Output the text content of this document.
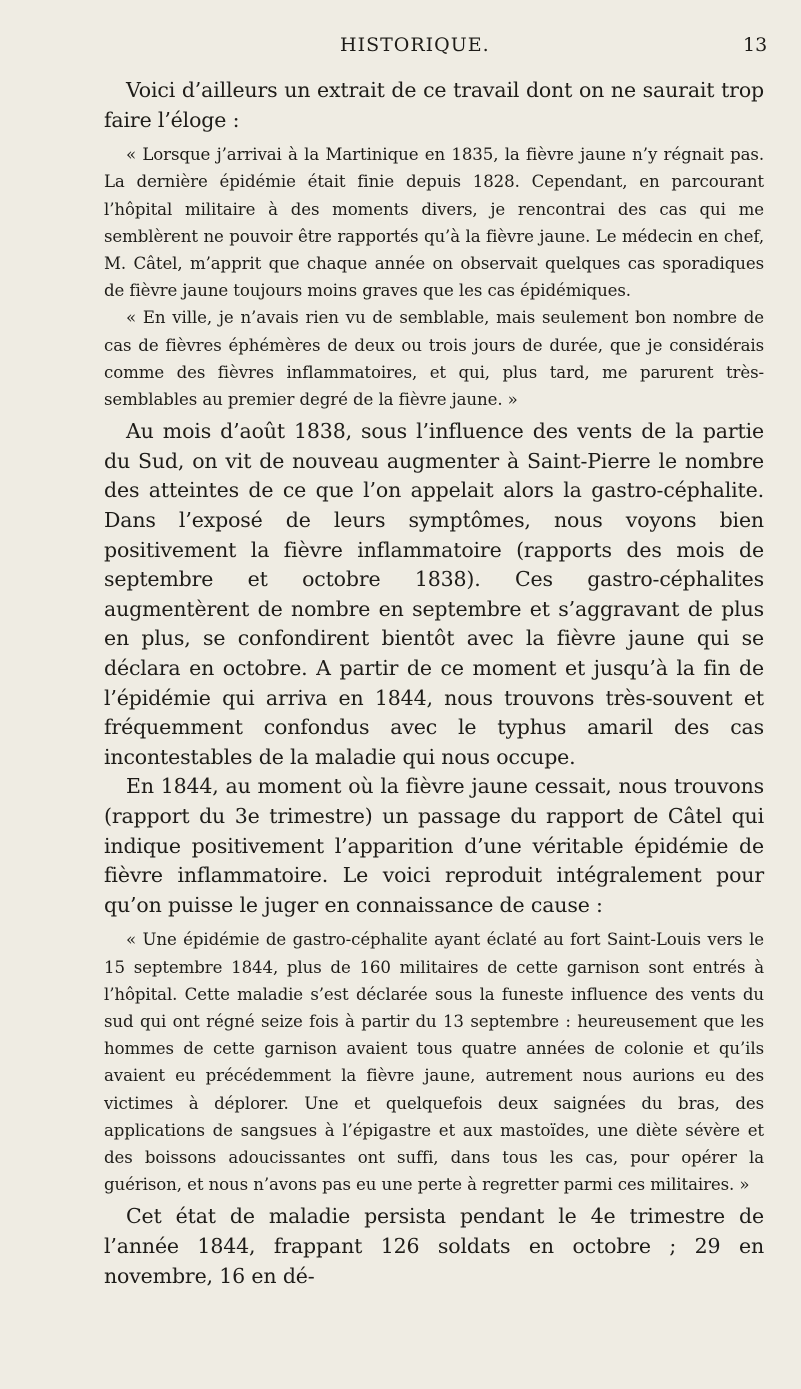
HISTORIQUE.	13

Voici d’ailleurs un extrait de ce travail dont on ne saurait trop faire l’éloge :

« Lorsque j’arrivai à la Martinique en 1835, la fièvre jaune n’y régnait pas. La dernière épidémie était finie depuis 1828. Cependant, en parcourant l’hôpital militaire à des moments divers, je rencontrai des cas qui me semblèrent ne pouvoir être rapportés qu’à la fièvre jaune. Le médecin en chef, M. Câtel, m’apprit que chaque année on observait quelques cas sporadiques de fièvre jaune toujours moins graves que les cas épidémiques.

« En ville, je n’avais rien vu de semblable, mais seulement bon nombre de cas de fièvres éphémères de deux ou trois jours de durée, que je considérais comme des fièvres inflammatoires, et qui, plus tard, me parurent très-semblables au premier degré de la fièvre jaune. »

Au mois d’août 1838, sous l’influence des vents de la partie du Sud, on vit de nouveau augmenter à Saint-Pierre le nombre des atteintes de ce que l’on appelait alors la gastro-céphalite. Dans l’exposé de leurs symptômes, nous voyons bien positivement la fièvre inflammatoire (rapports des mois de septembre et octobre 1838). Ces gastro-céphalites augmentèrent de nombre en septembre et s’aggravant de plus en plus, se confondirent bientôt avec la fièvre jaune qui se déclara en octobre. A partir de ce moment et jusqu’à la fin de l’épidémie qui arriva en 1844, nous trouvons très-souvent et fréquemment confondus avec le typhus amaril des cas incontestables de la maladie qui nous occupe.

En 1844, au moment où la fièvre jaune cessait, nous trouvons (rapport du 3e trimestre) un passage du rapport de Câtel qui indique positivement l’apparition d’une véritable épidémie de fièvre inflammatoire. Le voici reproduit intégralement pour qu’on puisse le juger en connaissance de cause :

« Une épidémie de gastro-céphalite ayant éclaté au fort Saint-Louis vers le 15 septembre 1844, plus de 160 militaires de cette garnison sont entrés à l’hôpital. Cette maladie s’est déclarée sous la funeste influence des vents du sud qui ont régné seize fois à partir du 13 septembre : heureusement que les hommes de cette garnison avaient tous quatre années de colonie et qu’ils avaient eu précédemment la fièvre jaune, autrement nous aurions eu des victimes à déplorer. Une et quelquefois deux saignées du bras, des applications de sangsues à l’épigastre et aux mastoïdes, une diète sévère et des boissons adoucissantes ont suffi, dans tous les cas, pour opérer la guérison, et nous n’avons pas eu une perte à regretter parmi ces militaires. »

Cet état de maladie persista pendant le 4e trimestre de l’année 1844, frappant 126 soldats en octobre ; 29 en novembre, 16 en dé-
